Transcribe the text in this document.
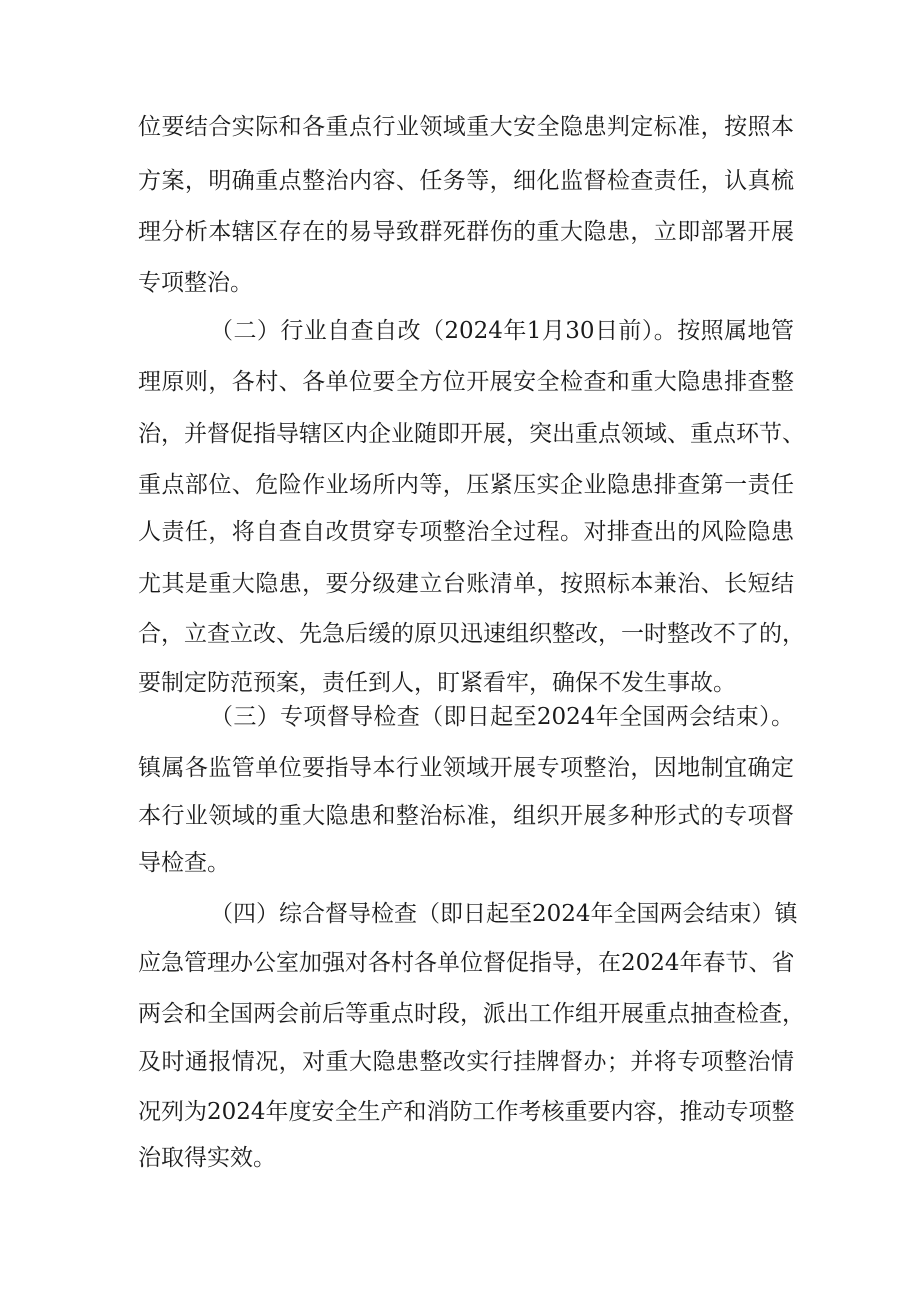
位要结合实际和各重点行业领域重大安全隐患判定标准，按照本

方案，明确重点整治内容、任务等，细化监督检查责任，认真梳

理分析本辖区存在的易导致群死群伤的重大隐患，立即部署开展

专项整治。

（二）行业自查自改（2024年1月30日前）。按照属地管

理原则，各村、各单位要全方位开展安全检查和重大隐患排查整

治，并督促指导辖区内企业随即开展，突出重点领域、重点环节、

重点部位、危险作业场所内等，压紧压实企业隐患排查第一责任

人责任，将自查自改贯穿专项整治全过程。对排查出的风险隐患

尤其是重大隐患，要分级建立台账清单，按照标本兼治、长短结

合，立查立改、先急后缓的原贝迅速组织整改，一时整改不了的，

要制定防范预案，责任到人，盯紧看牢，确保不发生事故。

（三）专项督导检查（即日起至2024年全国两会结束）。

镇属各监管单位要指导本行业领域开展专项整治，因地制宜确定

本行业领域的重大隐患和整治标准，组织开展多种形式的专项督

导检查。

（四）综合督导检查（即日起至2024年全国两会结束）镇

应急管理办公室加强对各村各单位督促指导，在2024年春节、省

两会和全国两会前后等重点时段，派出工作组开展重点抽查检查，

及时通报情况，对重大隐患整改实行挂牌督办；并将专项整治情

况列为2024年度安全生产和消防工作考核重要内容，推动专项整

治取得实效。
